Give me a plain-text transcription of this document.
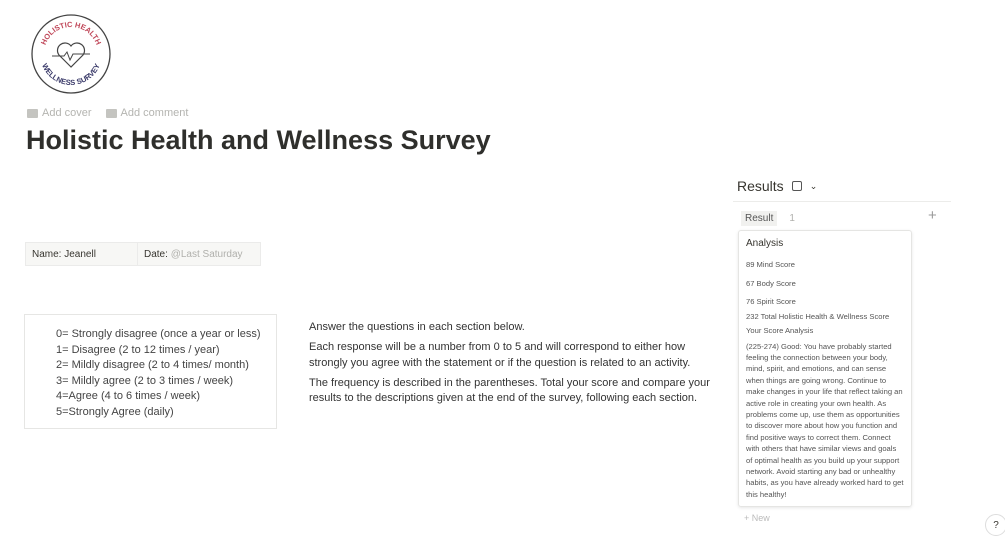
HOLISTIC HEALTH
WELLNESS SURVEY
Add cover	Add comment
Holistic Health and Wellness Survey
Name: Jeanell	Date: @Last Saturday
0= Strongly disagree (once a year or less)
1= Disagree (2 to 12 times / year)
2= Mildly disagree (2 to 4 times/ month)
3= Mildly agree (2 to 3 times / week)
4=Agree (4 to 6 times / week)
5=Strongly Agree (daily)

Answer the questions in each section below.

Each response will be a number from 0 to 5 and will correspond to either how strongly you agree with the statement or if the question is related to an activity.

The frequency is described in the parentheses. Total your score and compare your results to the descriptions given at the end of the survey, following each section.

Results	⌄
Result	1	+
Analysis
89 Mind Score
67 Body Score
76 Spirit Score
232 Total Holistic Health & Wellness Score
Your Score Analysis
(225-274) Good: You have probably started feeling the connection between your body, mind, spirit, and emotions, and can sense when things are going wrong. Continue to make changes in your life that reflect taking an active role in creating your own health. As problems come up, use them as opportunities to discover more about how you function and find positive ways to correct them. Connect with others that have similar views and goals of optimal health as you build up your support network. Avoid starting any bad or unhealthy habits, as you have already worked hard to get this healthy!
+ New
?
